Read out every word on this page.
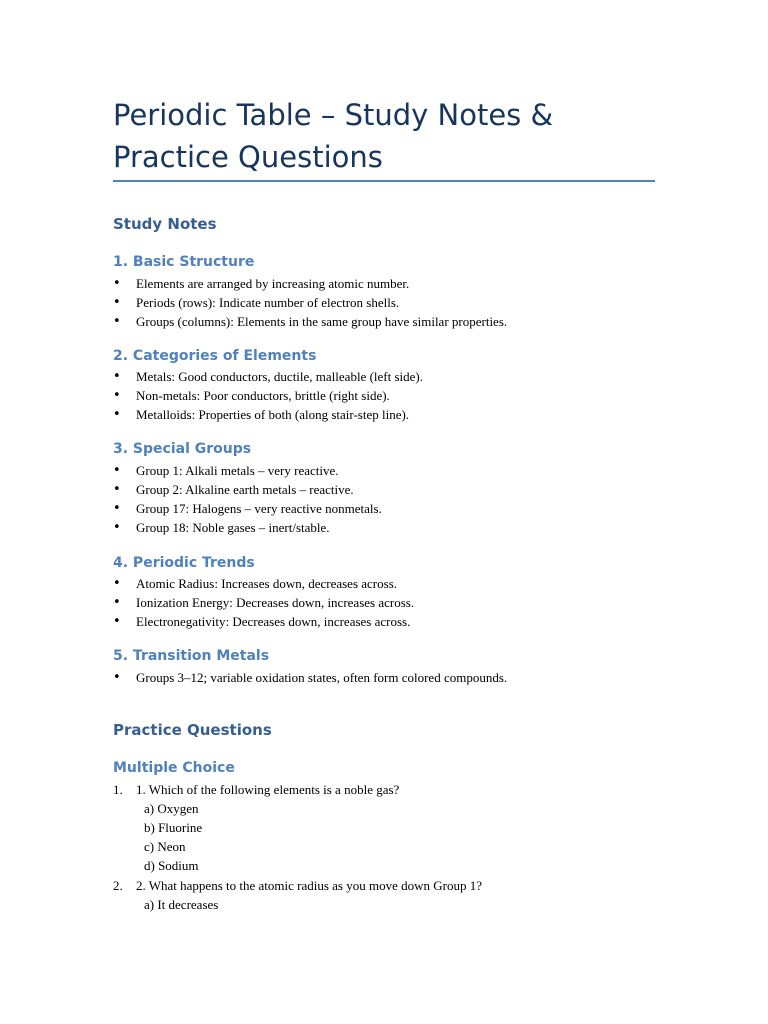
Periodic Table – Study Notes & Practice Questions
Study Notes
1. Basic Structure
• Elements are arranged by increasing atomic number.
• Periods (rows): Indicate number of electron shells.
• Groups (columns): Elements in the same group have similar properties.
2. Categories of Elements
• Metals: Good conductors, ductile, malleable (left side).
• Non-metals: Poor conductors, brittle (right side).
• Metalloids: Properties of both (along stair-step line).
3. Special Groups
• Group 1: Alkali metals – very reactive.
• Group 2: Alkaline earth metals – reactive.
• Group 17: Halogens – very reactive nonmetals.
• Group 18: Noble gases – inert/stable.
4. Periodic Trends
• Atomic Radius: Increases down, decreases across.
• Ionization Energy: Decreases down, increases across.
• Electronegativity: Decreases down, increases across.
5. Transition Metals
• Groups 3–12; variable oxidation states, often form colored compounds.
Practice Questions
Multiple Choice
1. 1. Which of the following elements is a noble gas?
a) Oxygen
b) Fluorine
c) Neon
d) Sodium
2. 2. What happens to the atomic radius as you move down Group 1?
a) It decreases
